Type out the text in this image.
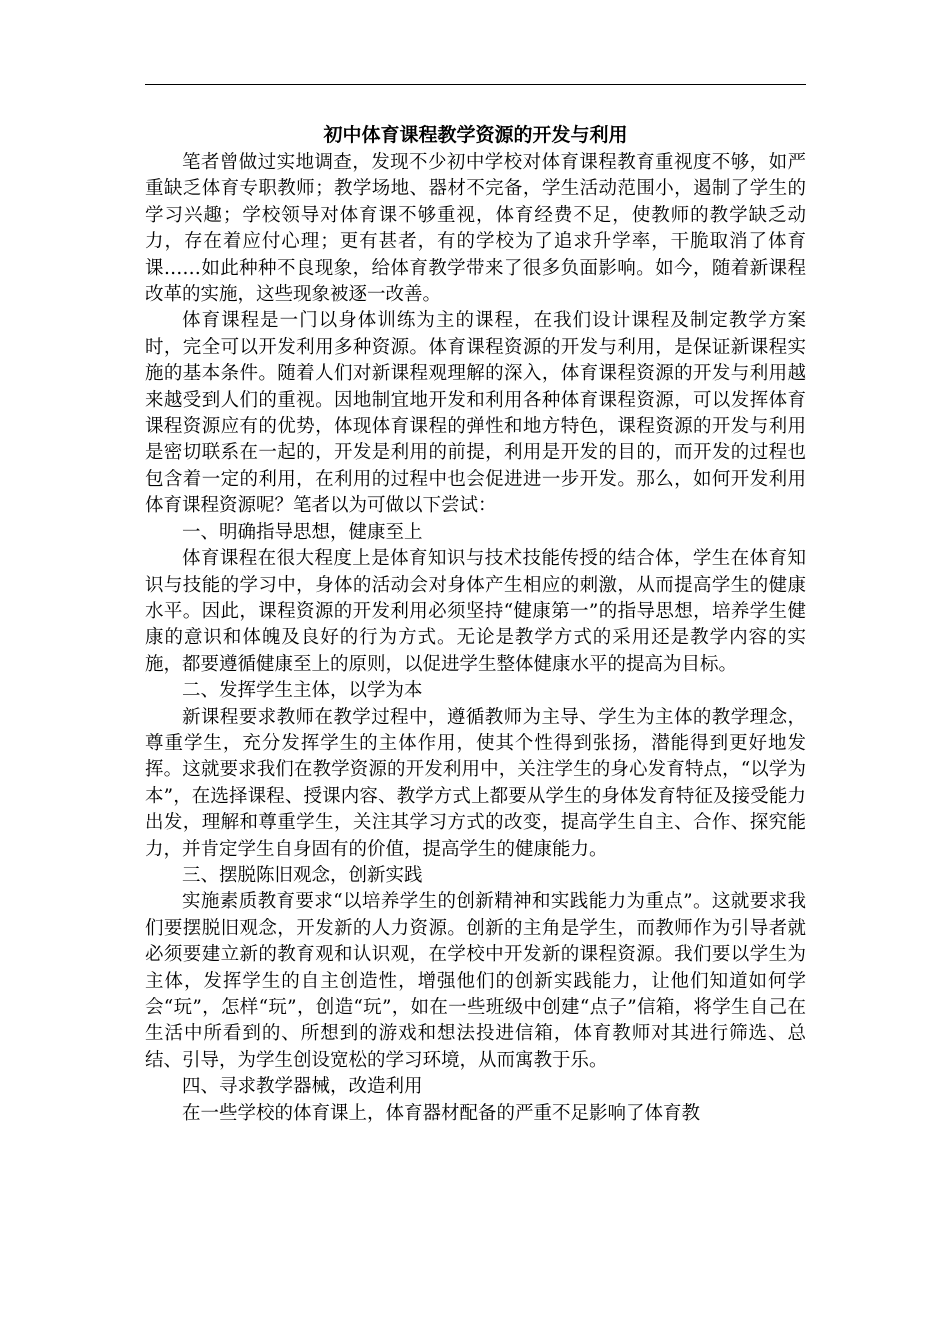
初中体育课程教学资源的开发与利用

笔者曾做过实地调查，发现不少初中学校对体育课程教育重视度不够，如严重缺乏体育专职教师；教学场地、器材不完备，学生活动范围小，遏制了学生的学习兴趣；学校领导对体育课不够重视，体育经费不足，使教师的教学缺乏动力，存在着应付心理；更有甚者，有的学校为了追求升学率，干脆取消了体育课……如此种种不良现象，给体育教学带来了很多负面影响。如今，随着新课程改革的实施，这些现象被逐一改善。

体育课程是一门以身体训练为主的课程，在我们设计课程及制定教学方案时，完全可以开发利用多种资源。体育课程资源的开发与利用，是保证新课程实施的基本条件。随着人们对新课程观理解的深入，体育课程资源的开发与利用越来越受到人们的重视。因地制宜地开发和利用各种体育课程资源，可以发挥体育课程资源应有的优势，体现体育课程的弹性和地方特色，课程资源的开发与利用是密切联系在一起的，开发是利用的前提，利用是开发的目的，而开发的过程也包含着一定的利用，在利用的过程中也会促进进一步开发。那么，如何开发利用体育课程资源呢？笔者以为可做以下尝试：

一、明确指导思想，健康至上

体育课程在很大程度上是体育知识与技术技能传授的结合体，学生在体育知识与技能的学习中，身体的活动会对身体产生相应的刺激，从而提高学生的健康水平。因此，课程资源的开发利用必须坚持“健康第一”的指导思想，培养学生健康的意识和体魄及良好的行为方式。无论是教学方式的采用还是教学内容的实施，都要遵循健康至上的原则，以促进学生整体健康水平的提高为目标。

二、发挥学生主体，以学为本

新课程要求教师在教学过程中，遵循教师为主导、学生为主体的教学理念，尊重学生，充分发挥学生的主体作用，使其个性得到张扬，潜能得到更好地发挥。这就要求我们在教学资源的开发利用中，关注学生的身心发育特点，“以学为本”，在选择课程、授课内容、教学方式上都要从学生的身体发育特征及接受能力出发，理解和尊重学生，关注其学习方式的改变，提高学生自主、合作、探究能力，并肯定学生自身固有的价值，提高学生的健康能力。

三、摆脱陈旧观念，创新实践

实施素质教育要求“以培养学生的创新精神和实践能力为重点”。这就要求我们要摆脱旧观念，开发新的人力资源。创新的主角是学生，而教师作为引导者就必须要建立新的教育观和认识观，在学校中开发新的课程资源。我们要以学生为主体，发挥学生的自主创造性，增强他们的创新实践能力，让他们知道如何学会“玩”，怎样“玩”，创造“玩”，如在一些班级中创建“点子”信箱，将学生自己在生活中所看到的、所想到的游戏和想法投进信箱，体育教师对其进行筛选、总结、引导，为学生创设宽松的学习环境，从而寓教于乐。

四、寻求教学器械，改造利用

在一些学校的体育课上，体育器材配备的严重不足影响了体育教
